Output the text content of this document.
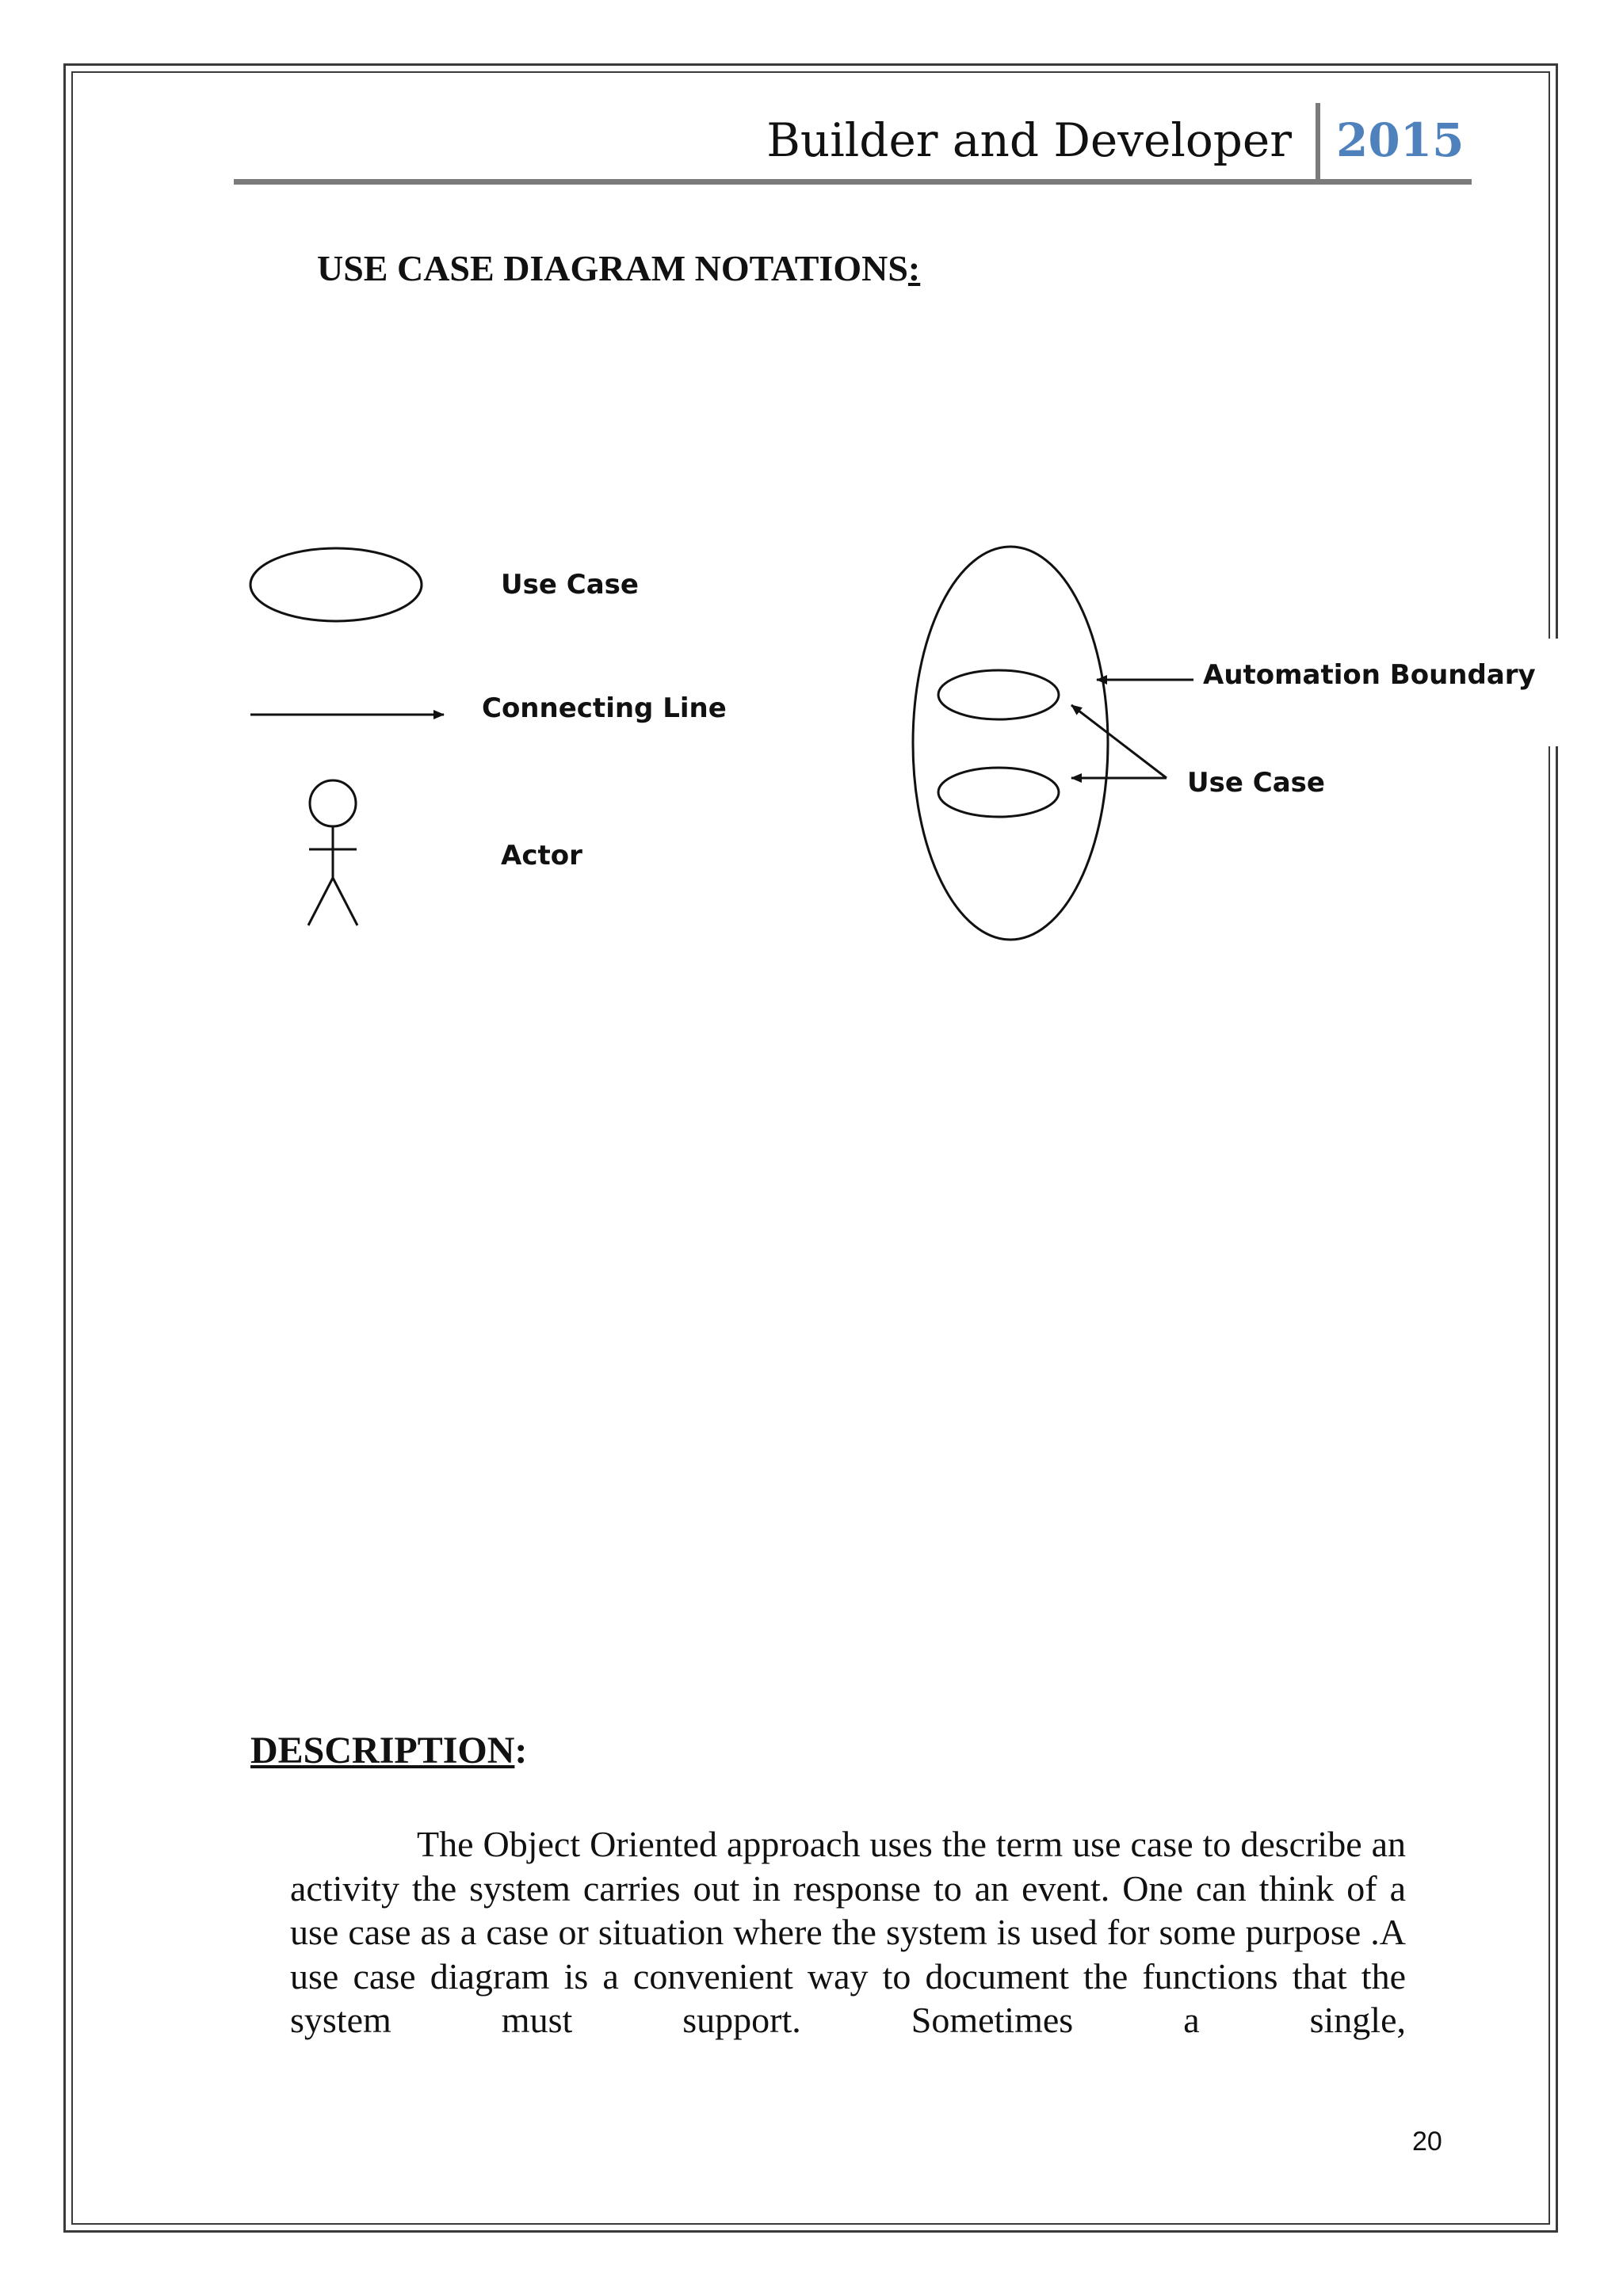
Builder and Developer 2015
USE CASE DIAGRAM NOTATIONS:
Use Case
Connecting Line
Actor
Automation Boundary
Use Case
DESCRIPTION:
The Object Oriented approach uses the term use case to describe an activity the system carries out in response to an event. One can think of a use case as a case or situation where the system is used for some purpose .A use case diagram is a convenient way to document the functions that the system must support. Sometimes a single,
20
